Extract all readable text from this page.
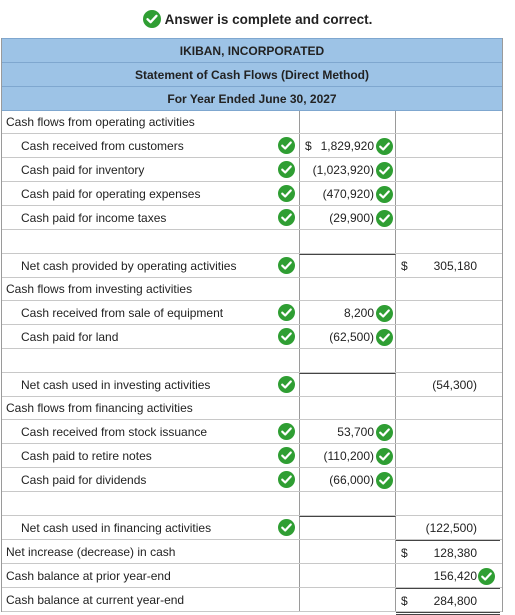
Answer is complete and correct.
IKIBAN, INCORPORATED
Statement of Cash Flows (Direct Method)
For Year Ended June 30, 2027
Cash flows from operating activities
Cash received from customers	$ 1,829,920
Cash paid for inventory	(1,023,920)
Cash paid for operating expenses	(470,920)
Cash paid for income taxes	(29,900)
Net cash provided by operating activities	$ 305,180
Cash flows from investing activities
Cash received from sale of equipment	8,200
Cash paid for land	(62,500)
Net cash used in investing activities	(54,300)
Cash flows from financing activities
Cash received from stock issuance	53,700
Cash paid to retire notes	(110,200)
Cash paid for dividends	(66,000)
Net cash used in financing activities	(122,500)
Net increase (decrease) in cash	$ 128,380
Cash balance at prior year-end	156,420
Cash balance at current year-end	$ 284,800
